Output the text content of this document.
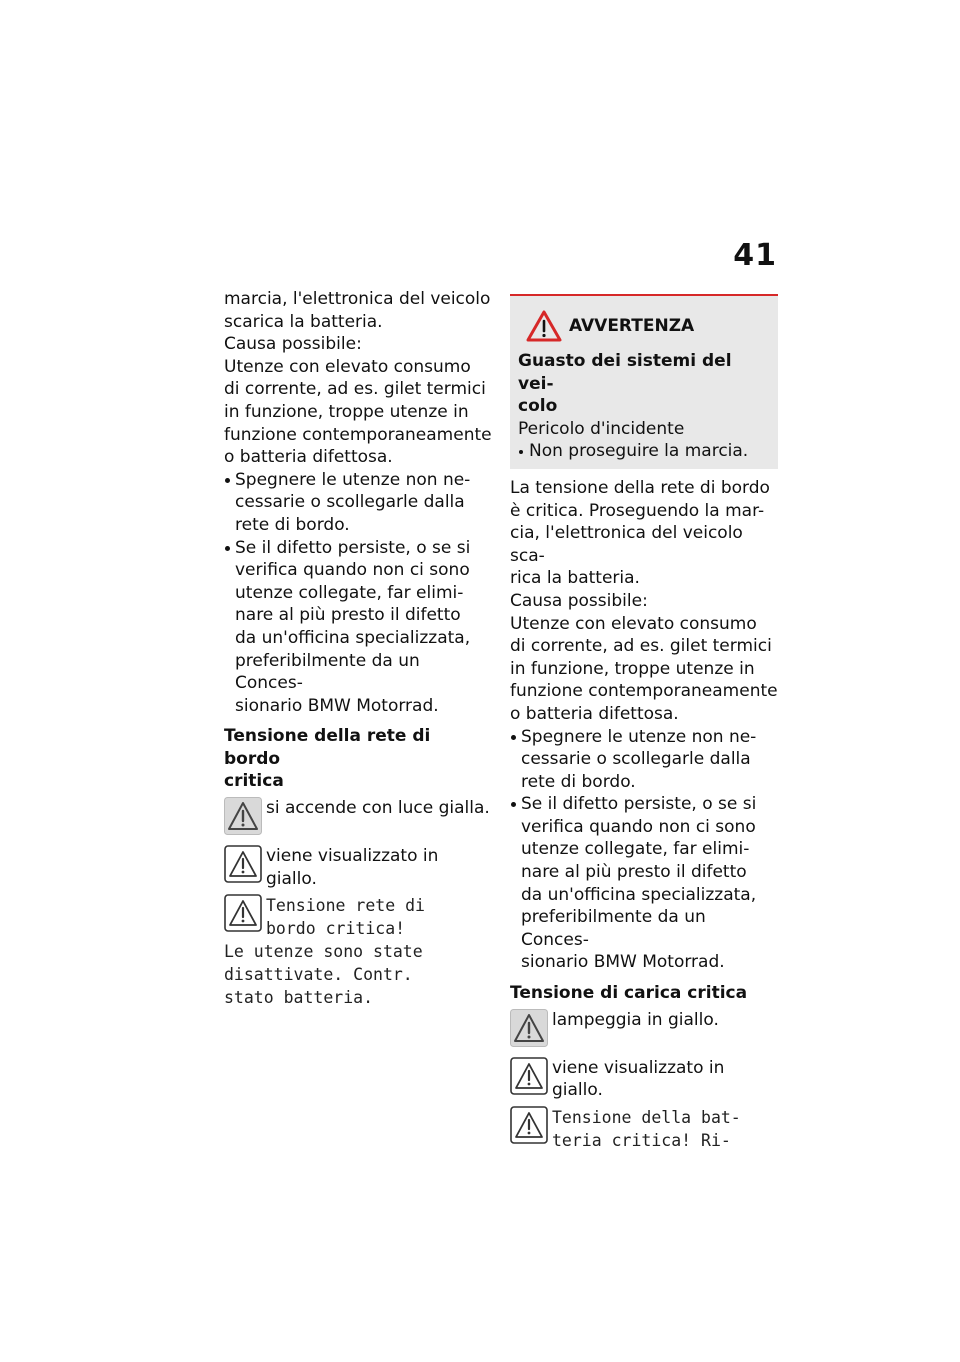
41

marcia, l'elettronica del veicolo
scarica la batteria.

Causa possibile:

Utenze con elevato consumo
di corrente, ad es. gilet termici
in funzione, troppe utenze in
funzione contemporaneamente
o batteria difettosa.

Spegnere le utenze non ne-
cessarie o scollegarle dalla
rete di bordo.
Se il difetto persiste, o se si
verifica quando non ci sono
utenze collegate, far elimi-
nare al più presto il difetto
da un'officina specializzata,
preferibilmente da un Conces-
sionario BMW Motorrad.

Tensione della rete di bordo
critica

si accende con luce gialla.
viene visualizzato in giallo.
Tensione rete di
bordo critica!

Le utenze sono state
disattivate. Contr.
stato batteria.

AVVERTENZA

Guasto dei sistemi del vei-
colo

Pericolo d'incidente

Non proseguire la marcia.

La tensione della rete di bordo
è critica. Proseguendo la mar-
cia, l'elettronica del veicolo sca-
rica la batteria.

Causa possibile:

Utenze con elevato consumo
di corrente, ad es. gilet termici
in funzione, troppe utenze in
funzione contemporaneamente
o batteria difettosa.

Spegnere le utenze non ne-
cessarie o scollegarle dalla
rete di bordo.
Se il difetto persiste, o se si
verifica quando non ci sono
utenze collegate, far elimi-
nare al più presto il difetto
da un'officina specializzata,
preferibilmente da un Conces-
sionario BMW Motorrad.

Tensione di carica critica

lampeggia in giallo.
viene visualizzato in giallo.
Tensione della bat-
teria critica! Ri-
